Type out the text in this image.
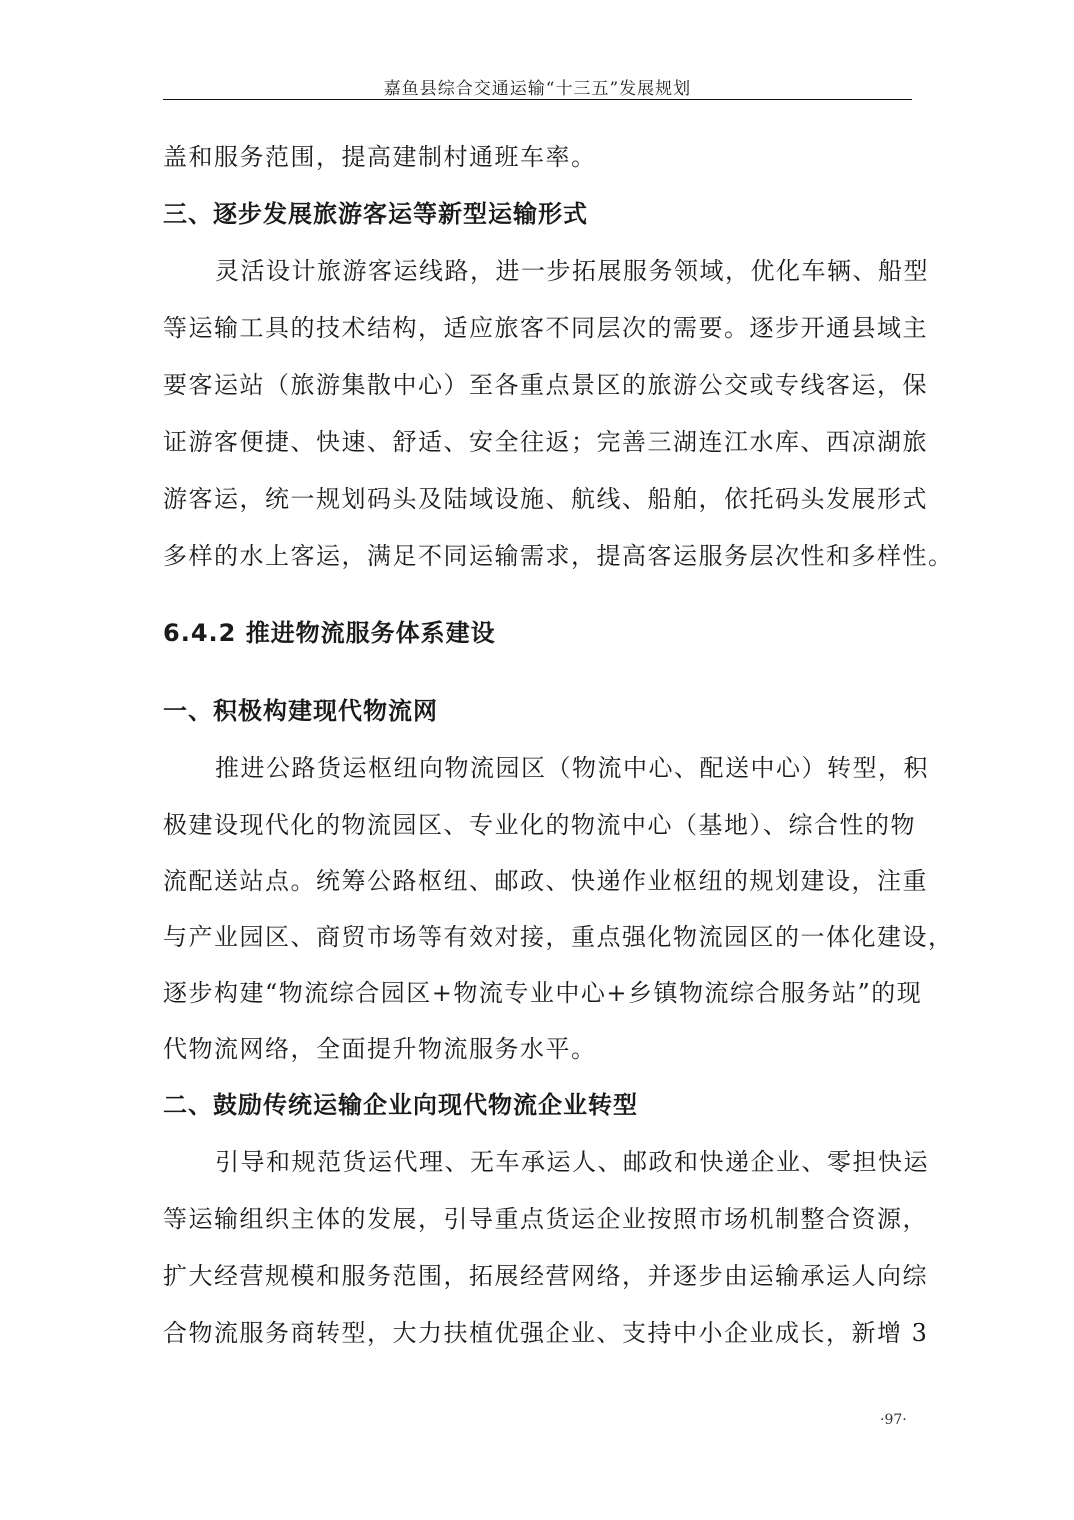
嘉鱼县综合交通运输“十三五”发展规划
盖和服务范围，提高建制村通班车率。
三、逐步发展旅游客运等新型运输形式
灵活设计旅游客运线路，进一步拓展服务领域，优化车辆、船型
等运输工具的技术结构，适应旅客不同层次的需要。逐步开通县域主
要客运站（旅游集散中心）至各重点景区的旅游公交或专线客运，保
证游客便捷、快速、舒适、安全往返；完善三湖连江水库、西凉湖旅
游客运，统一规划码头及陆域设施、航线、船舶，依托码头发展形式
多样的水上客运，满足不同运输需求，提高客运服务层次性和多样性。
6.4.2 推进物流服务体系建设
一、积极构建现代物流网
推进公路货运枢纽向物流园区（物流中心、配送中心）转型，积
极建设现代化的物流园区、专业化的物流中心（基地）、综合性的物
流配送站点。统筹公路枢纽、邮政、快递作业枢纽的规划建设，注重
与产业园区、商贸市场等有效对接，重点强化物流园区的一体化建设，
逐步构建“物流综合园区+物流专业中心+乡镇物流综合服务站”的现
代物流网络，全面提升物流服务水平。
二、鼓励传统运输企业向现代物流企业转型
引导和规范货运代理、无车承运人、邮政和快递企业、零担快运
等运输组织主体的发展，引导重点货运企业按照市场机制整合资源，
扩大经营规模和服务范围，拓展经营网络，并逐步由运输承运人向综
合物流服务商转型，大力扶植优强企业、支持中小企业成长，新增 3
·97·
